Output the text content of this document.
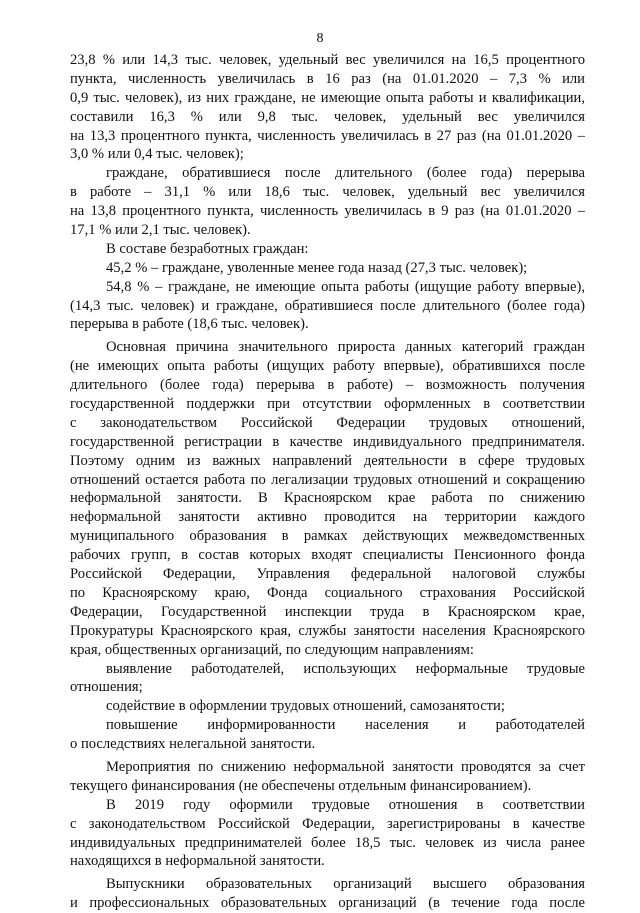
8
23,8 % или 14,3 тыс. человек, удельный вес увеличился на 16,5 процентного
пункта, численность увеличилась в 16 раз (на 01.01.2020 – 7,3 % или
0,9 тыс. человек), из них граждане, не имеющие опыта работы и квалификации,
составили 16,3 % или 9,8 тыс. человек, удельный вес увеличился
на 13,3 процентного пункта, численность увеличилась в 27 раз (на 01.01.2020 –
3,0 % или 0,4 тыс. человек);
граждане, обратившиеся после длительного (более года) перерыва
в работе – 31,1 % или 18,6 тыс. человек, удельный вес увеличился
на 13,8 процентного пункта, численность увеличилась в 9 раз (на 01.01.2020 –
17,1 % или 2,1 тыс. человек).
В составе безработных граждан:
45,2 % – граждане, уволенные менее года назад (27,3 тыс. человек);
54,8 % – граждане, не имеющие опыта работы (ищущие работу впервые),
(14,3 тыс. человек) и граждане, обратившиеся после длительного (более года)
перерыва в работе (18,6 тыс. человек).
Основная причина значительного прироста данных категорий граждан
(не имеющих опыта работы (ищущих работу впервые), обратившихся после
длительного (более года) перерыва в работе) – возможность получения
государственной поддержки при отсутствии оформленных в соответствии
с законодательством Российской Федерации трудовых отношений,
государственной регистрации в качестве индивидуального предпринимателя.
Поэтому одним из важных направлений деятельности в сфере трудовых
отношений остается работа по легализации трудовых отношений и сокращению
неформальной занятости. В Красноярском крае работа по снижению
неформальной занятости активно проводится на территории каждого
муниципального образования в рамках действующих межведомственных
рабочих групп, в состав которых входят специалисты Пенсионного фонда
Российской Федерации, Управления федеральной налоговой службы
по Красноярскому краю, Фонда социального страхования Российской
Федерации, Государственной инспекции труда в Красноярском крае,
Прокуратуры Красноярского края, службы занятости населения Красноярского
края, общественных организаций, по следующим направлениям:
выявление работодателей, использующих неформальные трудовые
отношения;
содействие в оформлении трудовых отношений, самозанятости;
повышение информированности населения и работодателей
о последствиях нелегальной занятости.
Мероприятия по снижению неформальной занятости проводятся за счет
текущего финансирования (не обеспечены отдельным финансированием).
В 2019 году оформили трудовые отношения в соответствии
с законодательством Российской Федерации, зарегистрированы в качестве
индивидуальных предпринимателей более 18,5 тыс. человек из числа ранее
находящихся в неформальной занятости.
Выпускники образовательных организаций высшего образования
и профессиональных образовательных организаций (в течение года после
